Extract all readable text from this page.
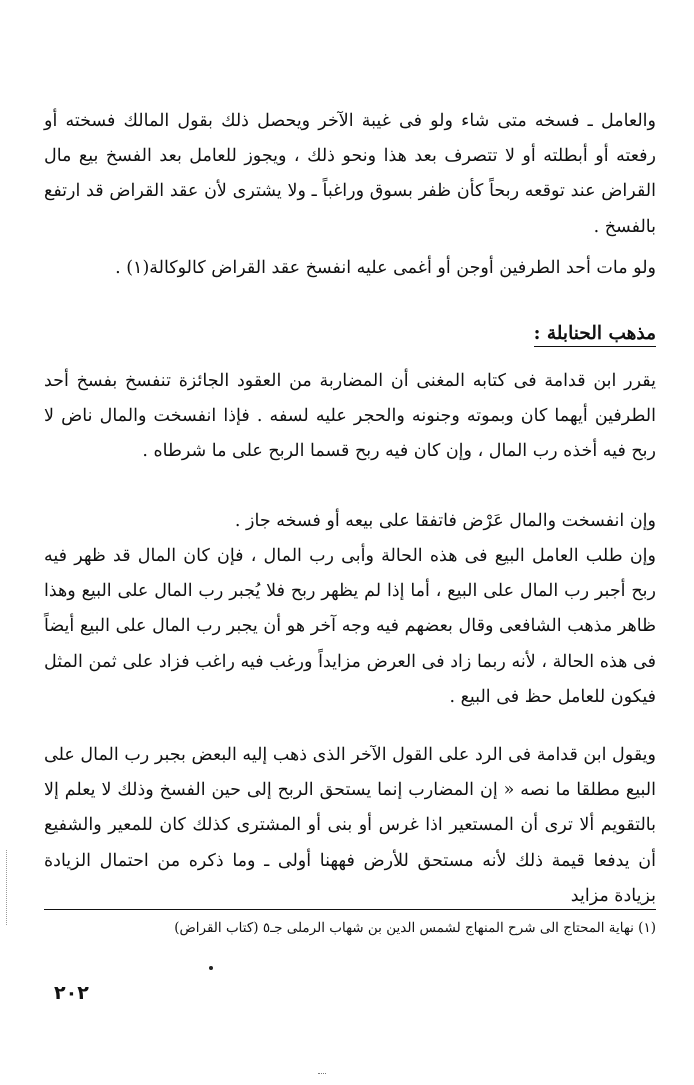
والعامل ـ فسخه متى شاء ولو فى غيبة الآخر ويحصل ذلك بقول المالك فسخته أو رفعته أو أبطلته أو لا تتصرف بعد هذا ونحو ذلك ، ويجوز للعامل بعد الفسخ بيع مال القراض عند توقعه ربحاً كأن ظفر بسوق وراغباً ـ ولا يشترى لأن عقد القراض قد ارتفع بالفسخ .

ولو مات أحد الطرفين أوجن أو أغمى عليه انفسخ عقد القراض كالوكالة(١) .

مذهب الحنابلة :

يقرر ابن قدامة فى كتابه المغنى أن المضاربة من العقود الجائزة تنفسخ بفسخ أحد الطرفين أيهما كان وبموته وجنونه والحجر عليه لسفه . فإذا انفسخت والمال ناض لا ربح فيه أخذه رب المال ، وإن كان فيه ربح قسما الربح على ما شرطاه .

وإن انفسخت والمال عَرْض فاتفقا على بيعه أو فسخه جاز .

وإن طلب العامل البيع فى هذه الحالة وأبى رب المال ، فإن كان المال قد ظهر فيه ربح أجبر رب المال على البيع ، أما إذا لم يظهر ربح فلا يُجبر رب المال على البيع وهذا ظاهر مذهب الشافعى وقال بعضهم فيه وجه آخر هو أن يجبر رب المال على البيع أيضاً فى هذه الحالة ، لأنه ربما زاد فى العرض مزايداً ورغب فيه راغب فزاد على ثمن المثل فيكون للعامل حظ فى البيع .

ويقول ابن قدامة فى الرد على القول الآخر الذى ذهب إليه البعض بجبر رب المال على البيع مطلقا ما نصه « إن المضارب إنما يستحق الربح إلى حين الفسخ وذلك لا يعلم إلا بالتقويم ألا ترى أن المستعير اذا غرس أو بنى أو المشترى كذلك كان للمعير والشفيع أن يدفعا قيمة ذلك لأنه مستحق للأرض فههنا أولى ـ وما ذكره من احتمال الزيادة بزيادة مزايد

(١) نهاية المحتاج الى شرح المنهاج لشمس الدين بن شهاب الرملى جـ٥ (كتاب القراض)

٢٠٢
